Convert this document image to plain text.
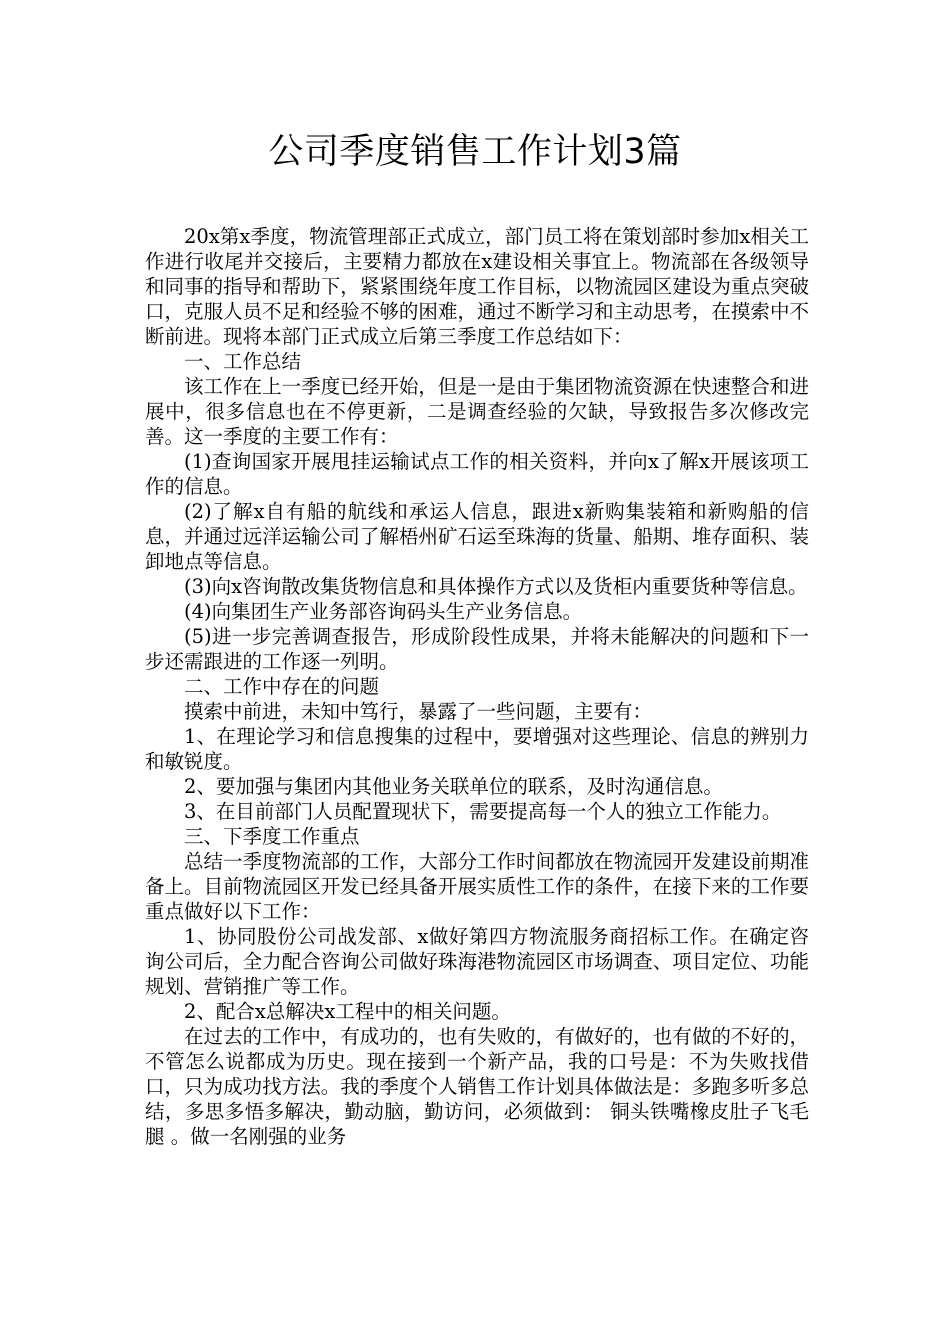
公司季度销售工作计划3篇

20x第x季度，物流管理部正式成立，部门员工将在策划部时参加x相关工作进行收尾并交接后，主要精力都放在x建设相关事宜上。物流部在各级领导和同事的指导和帮助下，紧紧围绕年度工作目标，以物流园区建设为重点突破口，克服人员不足和经验不够的困难，通过不断学习和主动思考，在摸索中不断前进。现将本部门正式成立后第三季度工作总结如下：

一、工作总结

该工作在上一季度已经开始，但是一是由于集团物流资源在快速整合和进展中，很多信息也在不停更新，二是调查经验的欠缺，导致报告多次修改完善。这一季度的主要工作有：

(1)查询国家开展甩挂运输试点工作的相关资料，并向x了解x开展该项工作的信息。

(2)了解x自有船的航线和承运人信息，跟进x新购集装箱和新购船的信息，并通过远洋运输公司了解梧州矿石运至珠海的货量、船期、堆存面积、装卸地点等信息。

(3)向x咨询散改集货物信息和具体操作方式以及货柜内重要货种等信息。

(4)向集团生产业务部咨询码头生产业务信息。

(5)进一步完善调查报告，形成阶段性成果，并将未能解决的问题和下一步还需跟进的工作逐一列明。

二、工作中存在的问题

摸索中前进，未知中笃行，暴露了一些问题，主要有：

1、在理论学习和信息搜集的过程中，要增强对这些理论、信息的辨别力和敏锐度。

2、要加强与集团内其他业务关联单位的联系，及时沟通信息。

3、在目前部门人员配置现状下，需要提高每一个人的独立工作能力。

三、下季度工作重点

总结一季度物流部的工作，大部分工作时间都放在物流园开发建设前期准备上。目前物流园区开发已经具备开展实质性工作的条件，在接下来的工作要重点做好以下工作：

1、协同股份公司战发部、x做好第四方物流服务商招标工作。在确定咨询公司后，全力配合咨询公司做好珠海港物流园区市场调查、项目定位、功能规划、营销推广等工作。

2、配合x总解决x工程中的相关问题。

在过去的工作中，有成功的，也有失败的，有做好的，也有做的不好的，不管怎么说都成为历史。现在接到一个新产品，我的口号是：不为失败找借口，只为成功找方法。我的季度个人销售工作计划具体做法是：多跑多听多总结，多思多悟多解决，勤动脑，勤访问，必须做到： 铜头铁嘴橡皮肚子飞毛腿 。做一名刚强的业务
